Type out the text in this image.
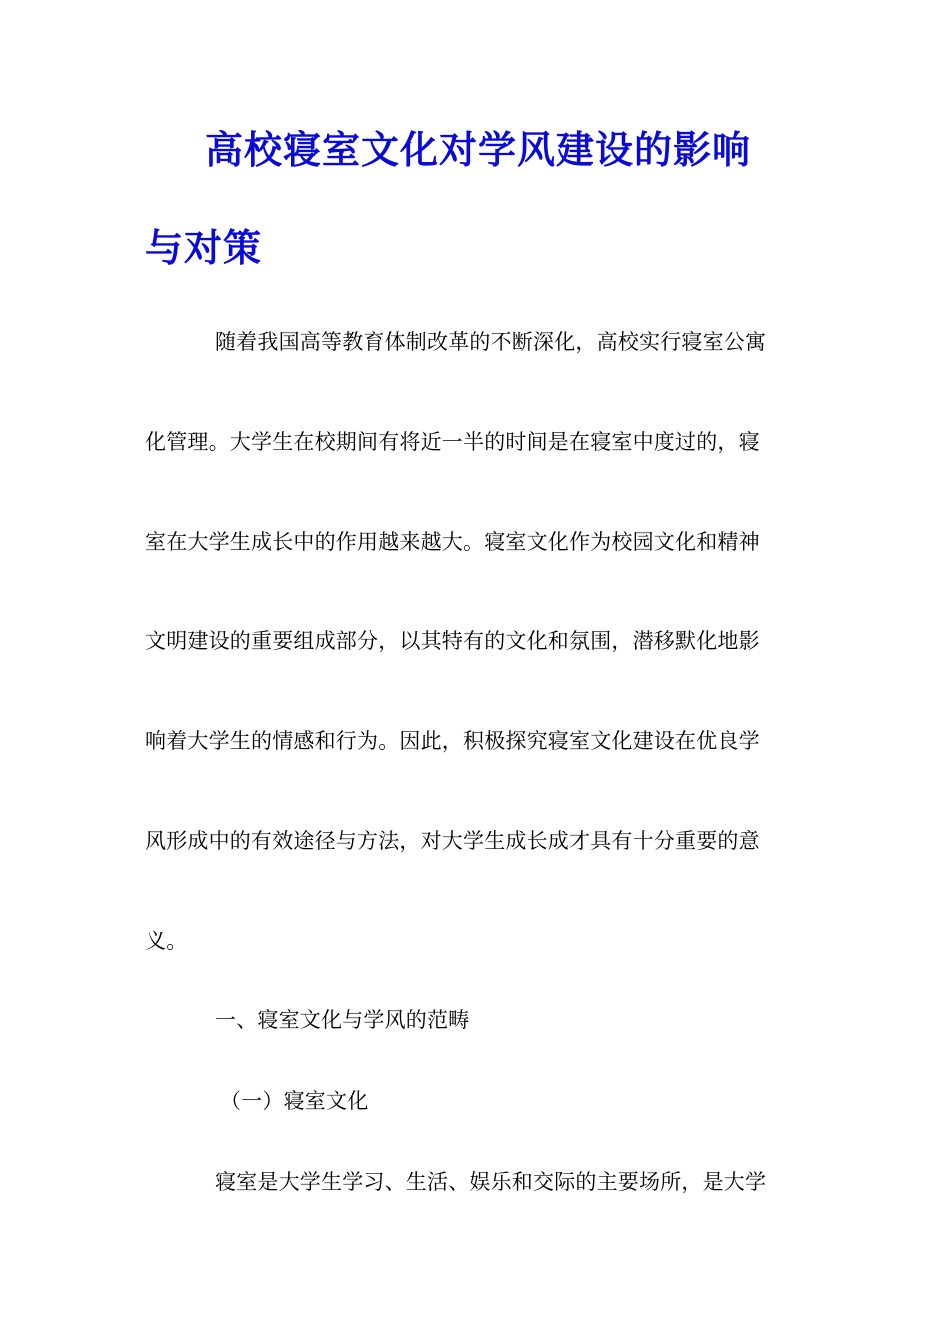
高校寝室文化对学风建设的影响
与对策

随着我国高等教育体制改革的不断深化，高校实行寝室公寓

化管理。大学生在校期间有将近一半的时间是在寝室中度过的，寝

室在大学生成长中的作用越来越大。寝室文化作为校园文化和精神

文明建设的重要组成部分，以其特有的文化和氛围，潜移默化地影

响着大学生的情感和行为。因此，积极探究寝室文化建设在优良学

风形成中的有效途径与方法，对大学生成长成才具有十分重要的意

义。

一、寝室文化与学风的范畴
（一）寝室文化

寝室是大学生学习、生活、娱乐和交际的主要场所，是大学
